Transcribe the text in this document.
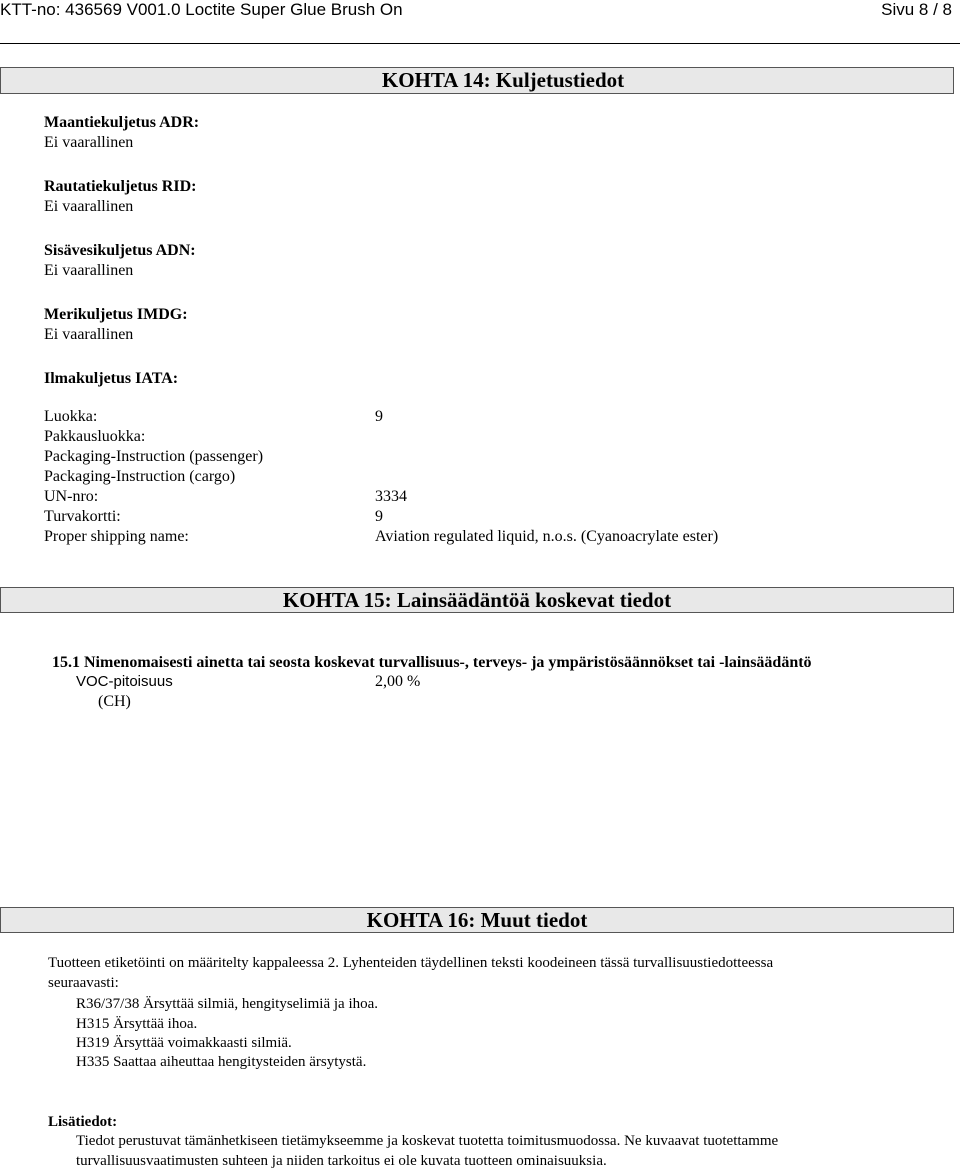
KTT-no: 436569 V001.0 Loctite Super Glue Brush On	Sivu 8 / 8
KOHTA 14: Kuljetustiedot
Maantiekuljetus ADR:
Ei vaarallinen
Rautatiekuljetus RID:
Ei vaarallinen
Sisävesikuljetus ADN:
Ei vaarallinen
Merikuljetus IMDG:
Ei vaarallinen
Ilmakuljetus IATA:
Luokka:	9
Pakkausluokka:
Packaging-Instruction (passenger)
Packaging-Instruction (cargo)
UN-nro:	3334
Turvakortti:	9
Proper shipping name:	Aviation regulated liquid, n.o.s. (Cyanoacrylate ester)
KOHTA 15: Lainsäädäntöä koskevat tiedot
15.1 Nimenomaisesti ainetta tai seosta koskevat turvallisuus-, terveys- ja ympäristösäännökset tai -lainsäädäntö
VOC-pitoisuus	2,00 %
(CH)
KOHTA 16: Muut tiedot
Tuotteen etiketöinti on määritelty kappaleessa 2. Lyhenteiden täydellinen teksti koodeineen tässä turvallisuustiedotteessa
seuraavasti:
R36/37/38 Ärsyttää silmiä, hengityselimiä ja ihoa.
H315 Ärsyttää ihoa.
H319 Ärsyttää voimakkaasti silmiä.
H335 Saattaa aiheuttaa hengitysteiden ärsytystä.
Lisätiedot:
Tiedot perustuvat tämänhetkiseen tietämykseemme ja koskevat tuotetta toimitusmuodossa. Ne kuvaavat tuotettamme
turvallisuusvaatimusten suhteen ja niiden tarkoitus ei ole kuvata tuotteen ominaisuuksia.
